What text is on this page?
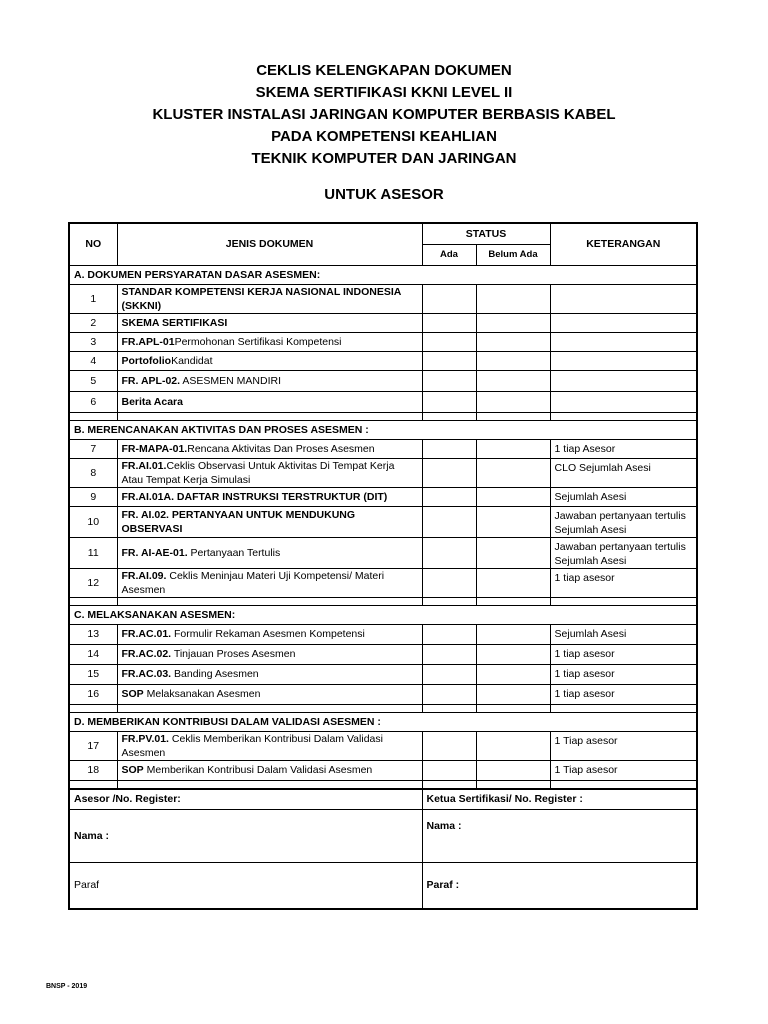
CEKLIS KELENGKAPAN DOKUMEN
SKEMA SERTIFIKASI KKNI LEVEL II
KLUSTER INSTALASI JARINGAN KOMPUTER BERBASIS KABEL
PADA KOMPETENSI KEAHLIAN
TEKNIK KOMPUTER DAN JARINGAN
UNTUK ASESOR
NO	JENIS DOKUMEN	STATUS		KETERANGAN
		Ada	Belum Ada	
A. DOKUMEN PERSYARATAN DASAR ASESMEN:				
1	STANDAR KOMPETENSI KERJA NASIONAL INDONESIA (SKKNI)			
2	SKEMA SERTIFIKASI			
3	FR.APL-01Permohonan Sertifikasi Kompetensi			
4	PortofolioKandidat			
5	FR. APL-02. ASESMEN MANDIRI			
6	Berita Acara			

B. MERENCANAKAN AKTIVITAS DAN PROSES ASESMEN :				
7	FR-MAPA-01.Rencana Aktivitas Dan Proses Asesmen			1 tiap Asesor
8	FR.AI.01.Ceklis Observasi Untuk Aktivitas Di Tempat Kerja Atau Tempat Kerja Simulasi			CLO Sejumlah Asesi
9	FR.AI.01A. DAFTAR INSTRUKSI TERSTRUKTUR (DIT)			Sejumlah Asesi
10	FR. AI.02. PERTANYAAN UNTUK MENDUKUNG OBSERVASI			Jawaban pertanyaan tertulis Sejumlah Asesi
11	FR. AI-AE-01. Pertanyaan Tertulis			Jawaban pertanyaan tertulis Sejumlah Asesi
12	FR.AI.09. Ceklis Meninjau Materi Uji Kompetensi/ Materi Asesmen			1 tiap asesor

C. MELAKSANAKAN ASESMEN:				
13	FR.AC.01. Formulir Rekaman Asesmen Kompetensi			Sejumlah Asesi
14	FR.AC.02. Tinjauan Proses Asesmen			1 tiap asesor
15	FR.AC.03. Banding Asesmen			1 tiap asesor
16	SOP Melaksanakan Asesmen			1 tiap asesor

D. MEMBERIKAN KONTRIBUSI DALAM VALIDASI ASESMEN :				
17	FR.PV.01. Ceklis Memberikan Kontribusi Dalam Validasi Asesmen			1 Tiap asesor
18	SOP Memberikan Kontribusi Dalam Validasi Asesmen			1 Tiap asesor

Asesor /No. Register:		Ketua Sertifikasi/ No. Register :		
Nama :		Nama :		
Paraf		Paraf :		
BNSP - 2019
